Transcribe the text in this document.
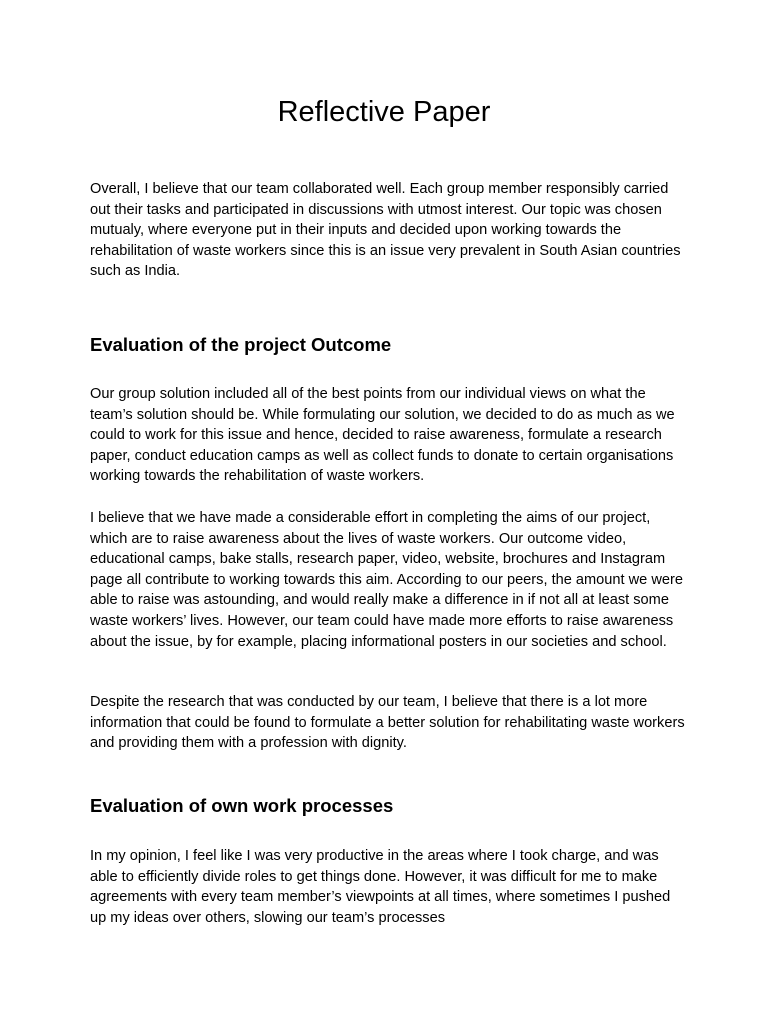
Reflective Paper

Overall, I believe that our team collaborated well. Each group member responsibly carried out their tasks and participated in discussions with utmost interest. Our topic was chosen mutualy, where everyone put in their inputs and decided upon working towards the rehabilitation of waste workers since this is an issue very prevalent in South Asian countries such as India.

Evaluation of the project Outcome

Our group solution included all of the best points from our individual views on what the team’s solution should be. While formulating our solution, we decided to do as much as we could to work for this issue and hence, decided to raise awareness, formulate a research paper, conduct education camps as well as collect funds to donate to certain organisations working towards the rehabilitation of waste workers.

I believe that we have made a considerable effort in completing the aims of our project, which are to raise awareness about the lives of waste workers. Our outcome video, educational camps, bake stalls, research paper, video, website, brochures and Instagram page all contribute to working towards this aim. According to our peers, the amount we were able to raise was astounding, and would really make a difference in if not all at least some waste workers’ lives. However, our team could have made more efforts to raise awareness about the issue, by for example, placing informational posters in our societies and school.

Despite the research that was conducted by our team, I believe that there is a lot more information that could be found to formulate a better solution for rehabilitating waste workers and providing them with a profession with dignity.

Evaluation of own work processes

In my opinion, I feel like I was very productive in the areas where I took charge, and was able to efficiently divide roles to get things done. However, it was difficult for me to make agreements with every team member’s viewpoints at all times, where sometimes I pushed up my ideas over others, slowing our team’s processes
